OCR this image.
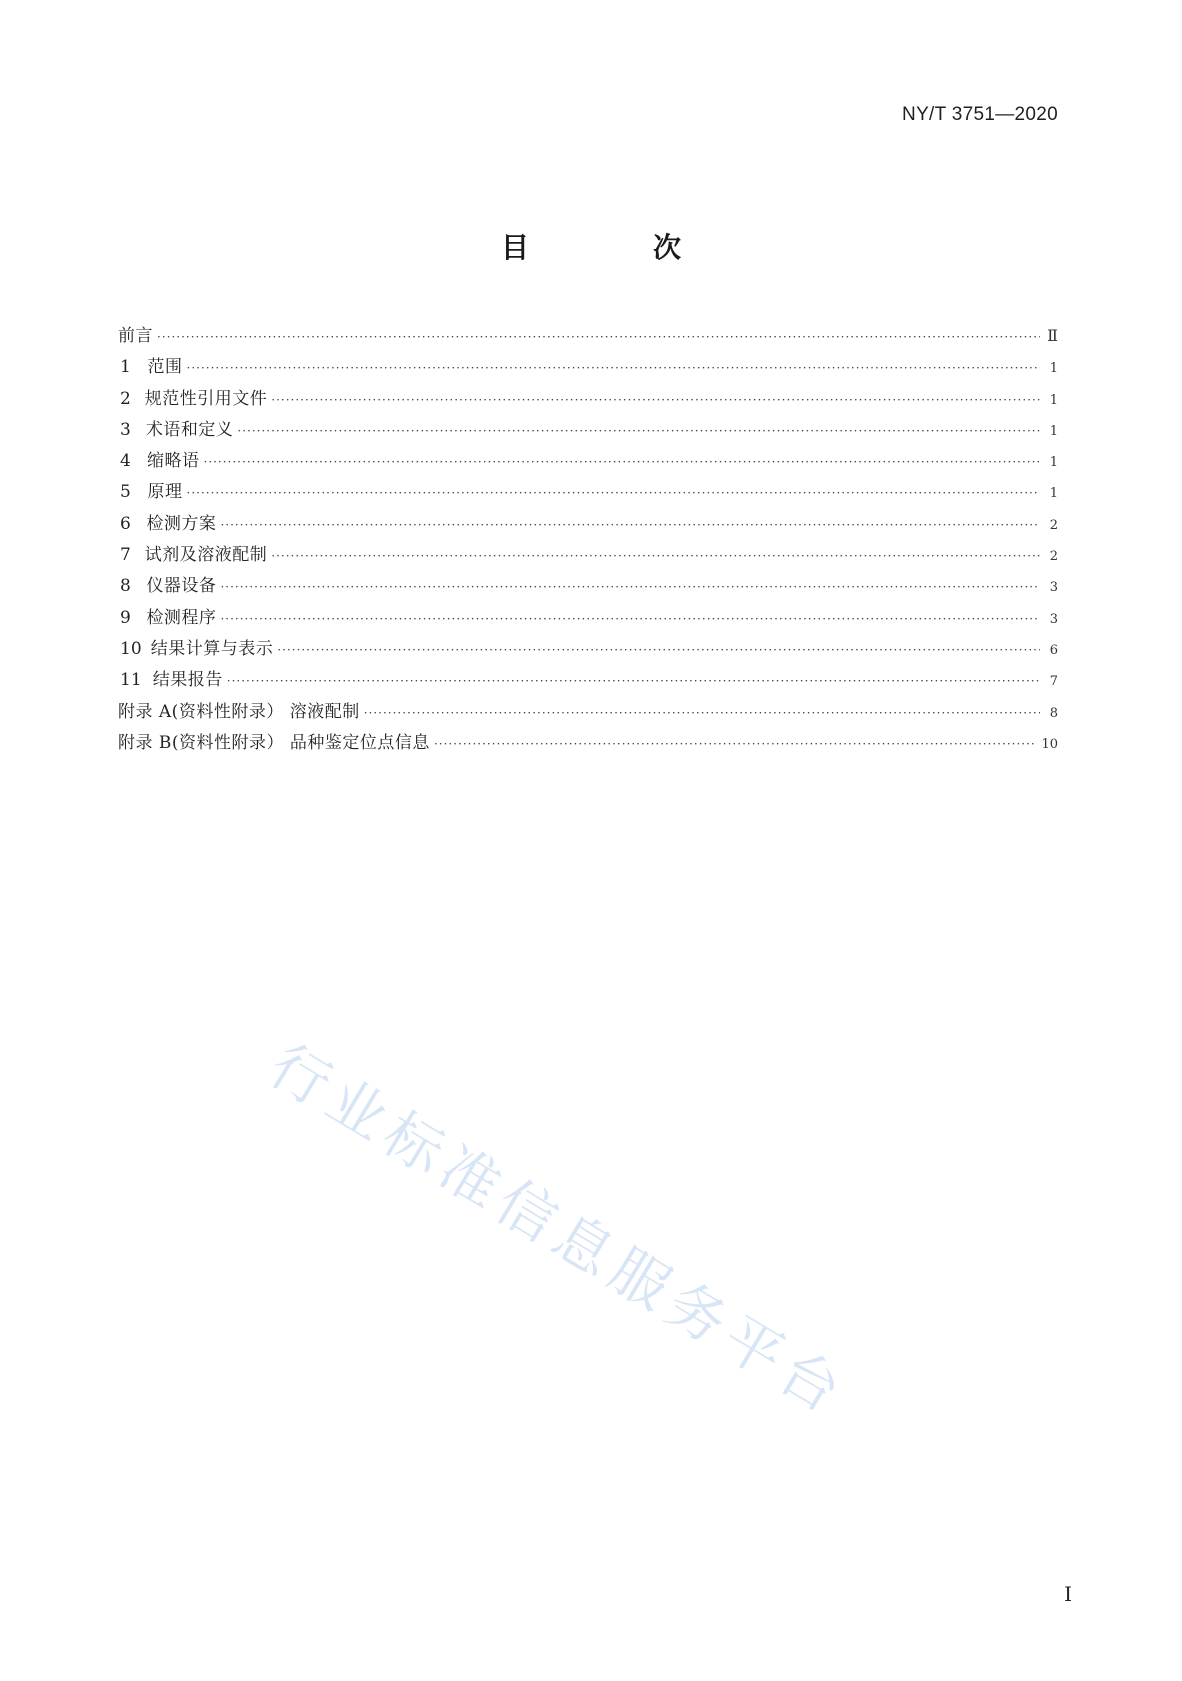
NY/T 3751—2020
目　次
前言 ·····	Ⅱ
1 范围 ·····	1
2 规范性引用文件 ·····	1
3 术语和定义 ·····	1
4 缩略语 ·····	1
5 原理 ·····	1
6 检测方案 ·····	2
7 试剂及溶液配制 ·····	2
8 仪器设备 ·····	3
9 检测程序 ·····	3
10 结果计算与表示 ·····	6
11 结果报告 ·····	7
附录 A(资料性附录） 溶液配制 ·····	8
附录 B(资料性附录） 品种鉴定位点信息 ·····	10
行业标准信息服务平台
I
